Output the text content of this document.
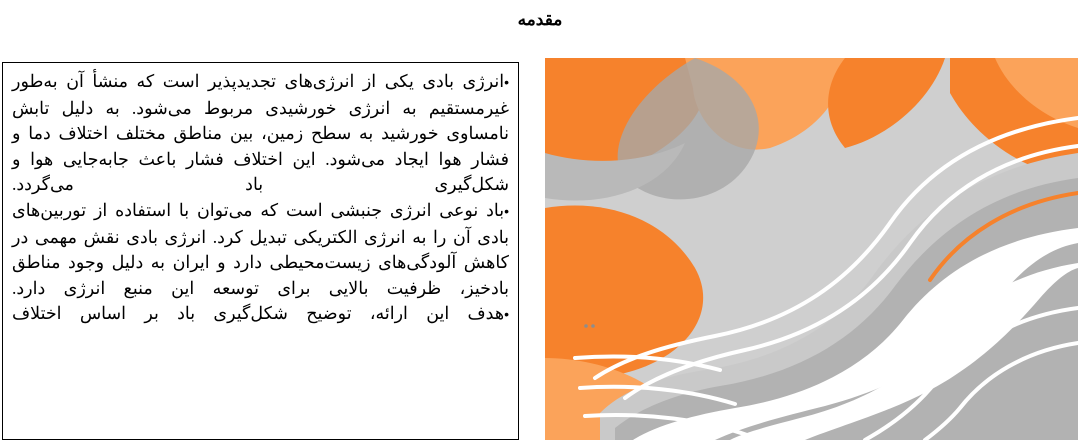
مقدمه

•انرژی بادی یکی از انرژی‌های تجدیدپذیر است که منشأ آن به‌طور غیرمستقیم به انرژی خورشیدی مربوط می‌شود. به دلیل تابش نامساوی خورشید به سطح زمین، بین مناطق مختلف اختلاف دما و فشار هوا ایجاد می‌شود. این اختلاف فشار باعث جابه‌جایی هوا و شکل‌گیری باد می‌گردد.

•باد نوعی انرژی جنبشی است که می‌توان با استفاده از توربین‌های بادی آن را به انرژی الکتریکی تبدیل کرد. انرژی بادی نقش مهمی در کاهش آلودگی‌های زیست‌محیطی دارد و ایران به دلیل وجود مناطق بادخیز، ظرفیت بالایی برای توسعه این منبع انرژی دارد.

•هدف این ارائه، توضیح شکل‌گیری باد بر اساس اختلاف
